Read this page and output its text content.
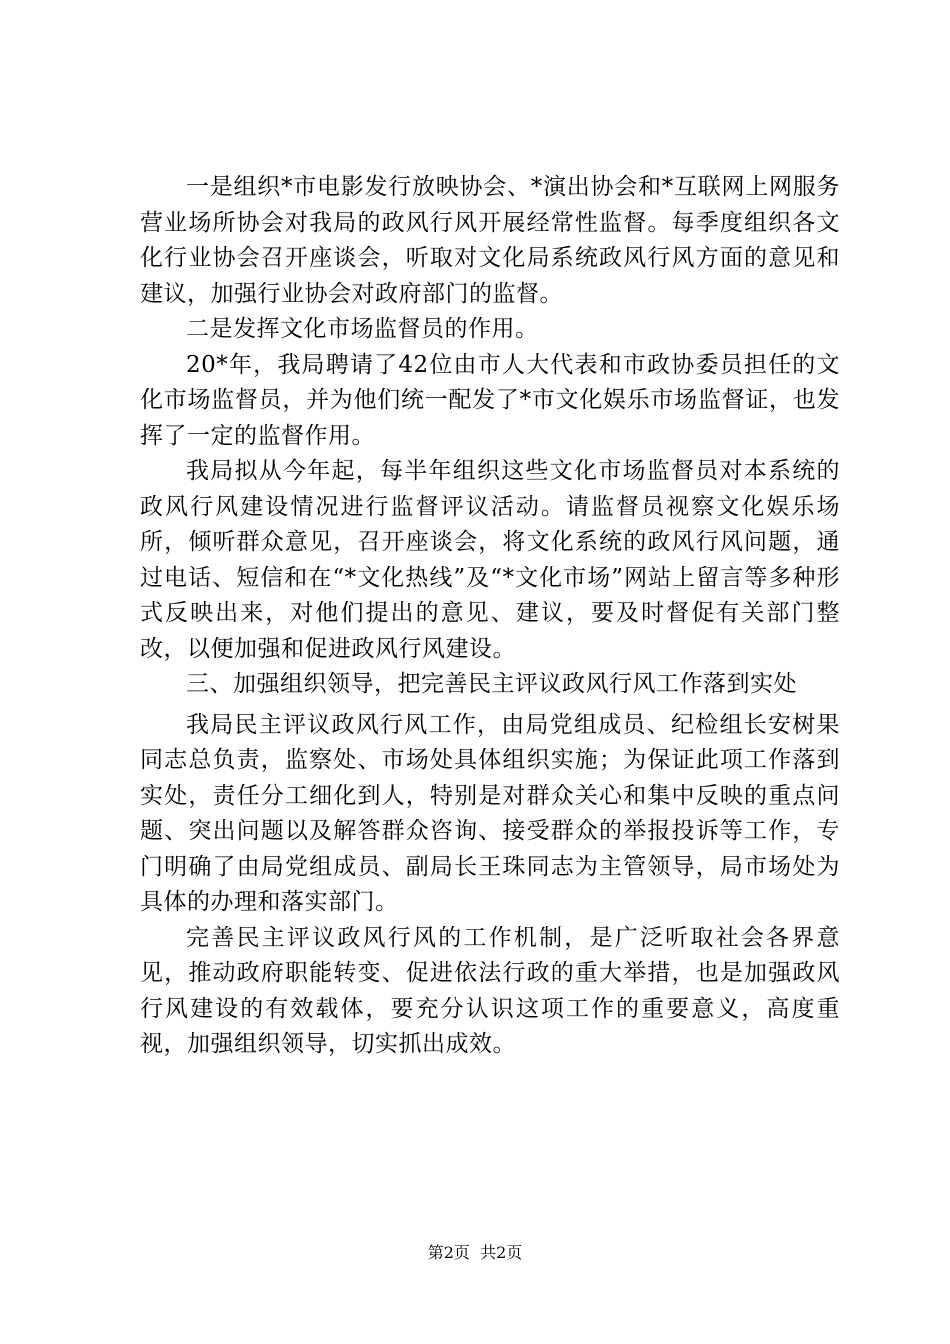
一是组织*市电影发行放映协会、*演出协会和*互联网上网服务营业场所协会对我局的政风行风开展经常性监督。每季度组织各文化行业协会召开座谈会，听取对文化局系统政风行风方面的意见和建议，加强行业协会对政府部门的监督。

二是发挥文化市场监督员的作用。

20*年，我局聘请了42位由市人大代表和市政协委员担任的文化市场监督员，并为他们统一配发了*市文化娱乐市场监督证，也发挥了一定的监督作用。

我局拟从今年起，每半年组织这些文化市场监督员对本系统的政风行风建设情况进行监督评议活动。请监督员视察文化娱乐场所，倾听群众意见，召开座谈会，将文化系统的政风行风问题，通过电话、短信和在“*文化热线”及“*文化市场”网站上留言等多种形式反映出来，对他们提出的意见、建议，要及时督促有关部门整改，以便加强和促进政风行风建设。

三、加强组织领导，把完善民主评议政风行风工作落到实处

我局民主评议政风行风工作，由局党组成员、纪检组长安树果同志总负责，监察处、市场处具体组织实施；为保证此项工作落到实处，责任分工细化到人，特别是对群众关心和集中反映的重点问题、突出问题以及解答群众咨询、接受群众的举报投诉等工作，专门明确了由局党组成员、副局长王珠同志为主管领导，局市场处为具体的办理和落实部门。

完善民主评议政风行风的工作机制，是广泛听取社会各界意见，推动政府职能转变、促进依法行政的重大举措，也是加强政风行风建设的有效载体，要充分认识这项工作的重要意义，高度重视，加强组织领导，切实抓出成效。

第2页  共2页
